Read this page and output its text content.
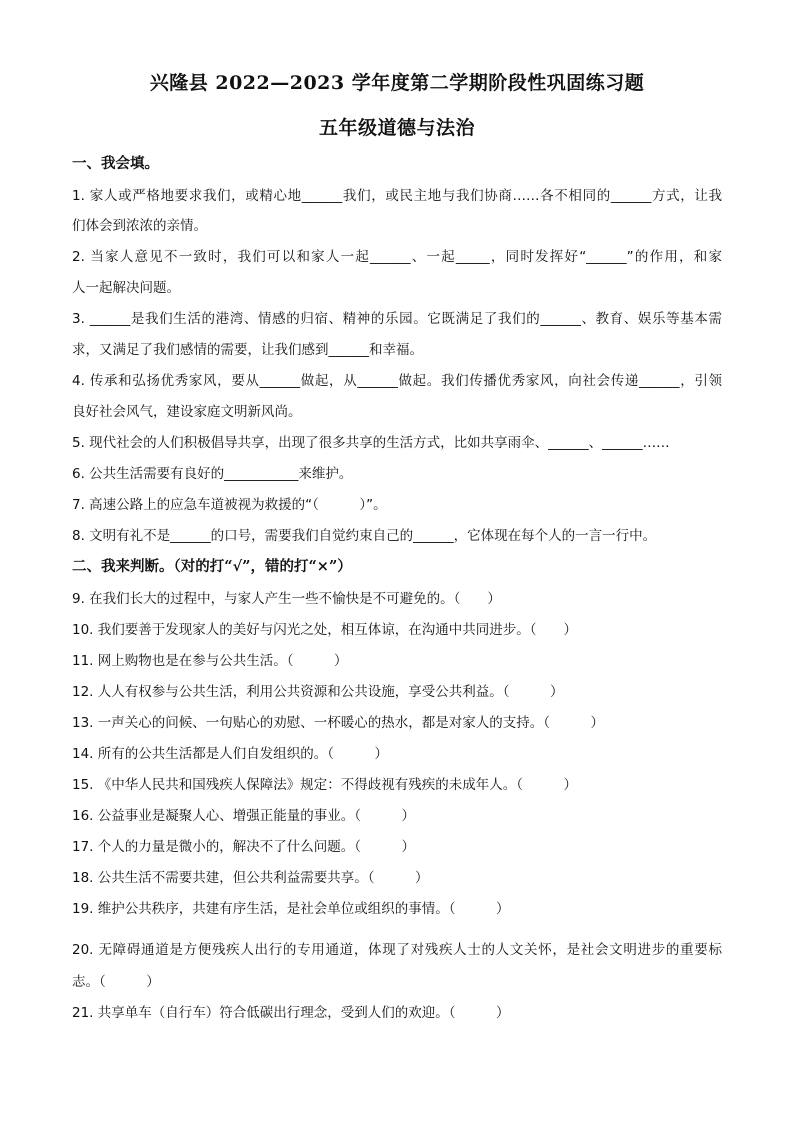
兴隆县 2022—2023 学年度第二学期阶段性巩固练习题
五年级道德与法治
一、我会填。
1. 家人或严格地要求我们，或精心地______我们，或民主地与我们协商……各不相同的______方式，让我
们体会到浓浓的亲情。
2. 当家人意见不一致时，我们可以和家人一起______、一起_____，同时发挥好“______”的作用，和家
人一起解决问题。
3. ______是我们生活的港湾、情感的归宿、精神的乐园。它既满足了我们的______、教育、娱乐等基本需
求，又满足了我们感情的需要，让我们感到______和幸福。
4. 传承和弘扬优秀家风，要从______做起，从______做起。我们传播优秀家风，向社会传递______，引领
良好社会风气，建设家庭文明新风尚。
5. 现代社会的人们积极倡导共享，出现了很多共享的生活方式，比如共享雨伞、______、______……
6. 公共生活需要有良好的___________来维护。
7. 高速公路上的应急车道被视为救援的“（　　　）”。
8. 文明有礼不是______的口号，需要我们自觉约束自己的______，它体现在每个人的一言一行中。
二、我来判断。（对的打“√”，错的打“×”）
9. 在我们长大的过程中，与家人产生一些不愉快是不可避免的。（　　）
10. 我们要善于发现家人的美好与闪光之处，相互体谅，在沟通中共同进步。（　　）
11. 网上购物也是在参与公共生活。（　　　）
12. 人人有权参与公共生活，利用公共资源和公共设施，享受公共利益。（　　　）
13. 一声关心的问候、一句贴心的劝慰、一杯暖心的热水，都是对家人的支持。（　　　）
14. 所有的公共生活都是人们自发组织的。（　　　）
15. 《中华人民共和国残疾人保障法》规定：不得歧视有残疾的未成年人。（　　　）
16. 公益事业是凝聚人心、增强正能量的事业。（　　　）
17. 个人的力量是微小的，解决不了什么问题。（　　　）
18. 公共生活不需要共建，但公共利益需要共享。（　　　）
19. 维护公共秩序，共建有序生活，是社会单位或组织的事情。（　　　）
20. 无障碍通道是方便残疾人出行的专用通道，体现了对残疾人士的人文关怀，是社会文明进步的重要标
志。（　　　）
21. 共享单车（自行车）符合低碳出行理念，受到人们的欢迎。（　　　）
